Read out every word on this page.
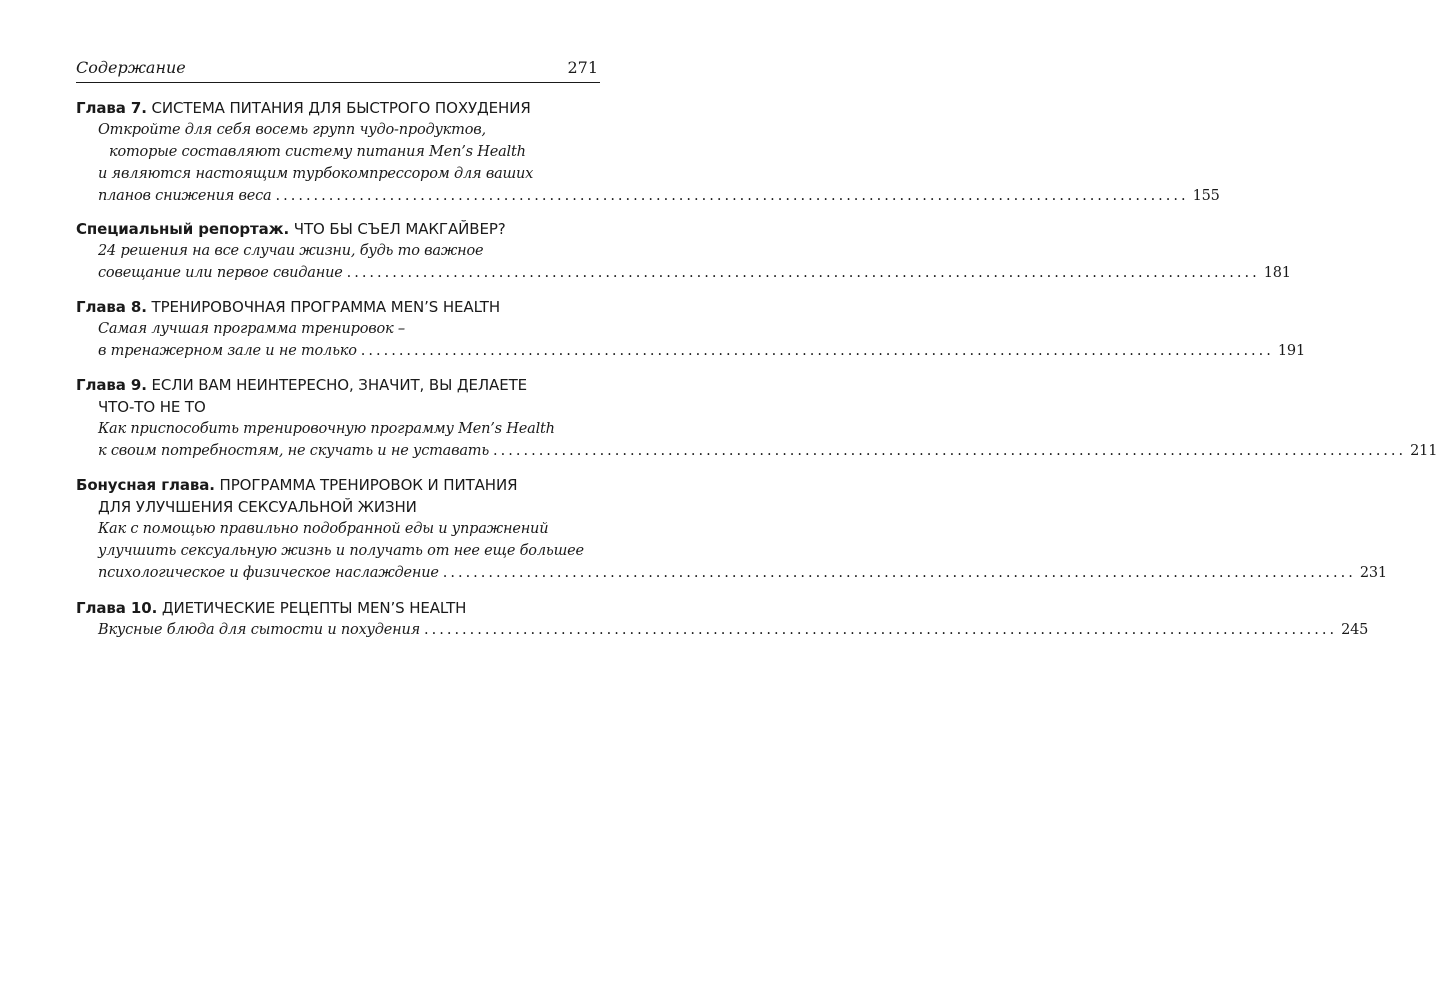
Содержание	271
Глава 7. СИСТЕМА ПИТАНИЯ ДЛЯ БЫСТРОГО ПОХУДЕНИЯ
Откройте для себя восемь групп чудо-продуктов,
которые составляют систему питания Men’s Health
и являются настоящим турбокомпрессором для ваших
планов снижения веса ........................................................................................................................ 155
Специальный репортаж. ЧТО БЫ СЪЕЛ МАКГАЙВЕР?
24 решения на все случаи жизни, будь то важное
совещание или первое свидание ........................................................................................................................ 181
Глава 8. ТРЕНИРОВОЧНАЯ ПРОГРАММА MEN’S HEALTH
Самая лучшая программа тренировок –
в тренажерном зале и не только ........................................................................................................................ 191
Глава 9. ЕСЛИ ВАМ НЕИНТЕРЕСНО, ЗНАЧИТ, ВЫ ДЕЛАЕТЕ
ЧТО-ТО НЕ ТО
Как приспособить тренировочную программу Men’s Health
к своим потребностям, не скучать и не уставать ........................................................................................................................ 211
Бонусная глава. ПРОГРАММА ТРЕНИРОВОК И ПИТАНИЯ
ДЛЯ УЛУЧШЕНИЯ СЕКСУАЛЬНОЙ ЖИЗНИ
Как с помощью правильно подобранной еды и упражнений
улучшить сексуальную жизнь и получать от нее еще большее
психологическое и физическое наслаждение ........................................................................................................................ 231
Глава 10. ДИЕТИЧЕСКИЕ РЕЦЕПТЫ MEN’S HEALTH
Вкусные блюда для сытости и похудения ........................................................................................................................ 245
